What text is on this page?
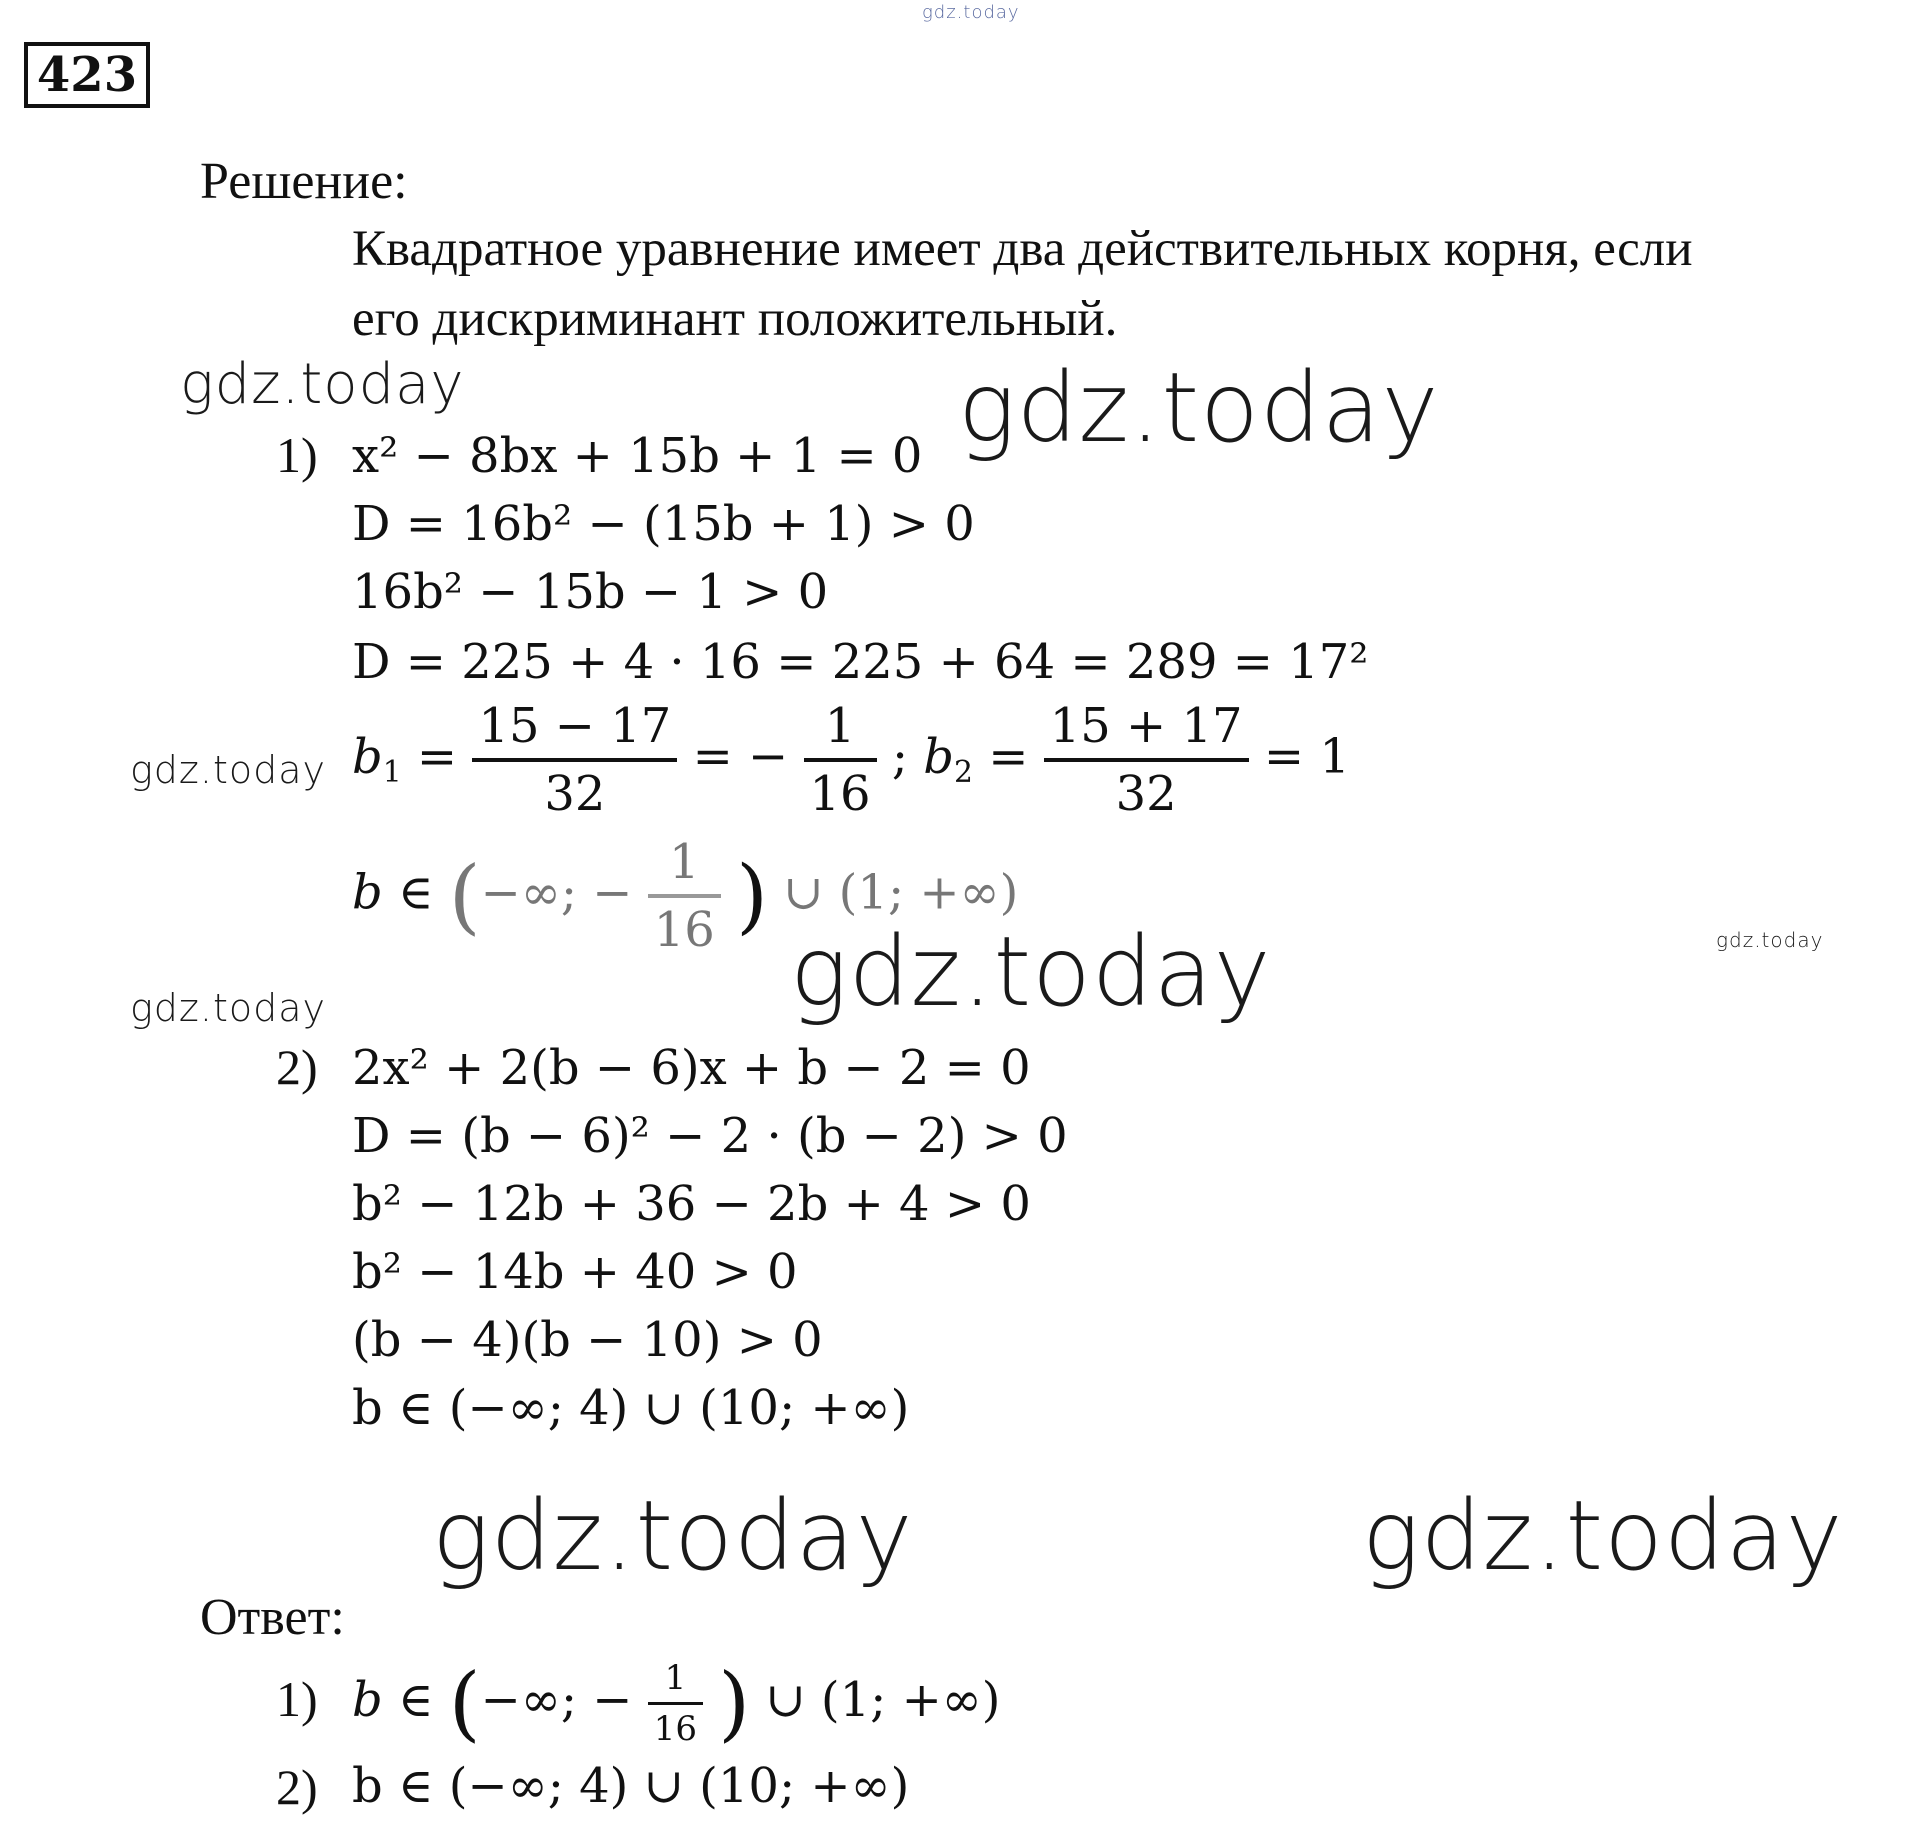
gdz.today
423
Решение:
Квадратное уравнение имеет два действительных корня, если
его дискриминант положительный.
gdz.today	gdz.today
gdz.today
gdz.today
gdz.today
gdz.today
gdz.today	gdz.today
1) x² − 8bx + 15b + 1 = 0
D = 16b² − (15b + 1) > 0
16b² − 15b − 1 > 0
D = 225 + 4 · 16 = 225 + 64 = 289 = 17²
$b_1 = \frac{15 - 17}{32}$ = − $\frac{1}{16}$ ; $b_2 = \frac{15 + 17}{32} = 1$
b ∈ (−∞; − $\frac{1}{16}$ ) ∪ (1; +∞)
2) 2x² + 2(b − 6)x + b − 2 = 0
D = (b − 6)² − 2 · (b − 2) > 0
b² − 12b + 36 − 2b + 4 > 0
b² − 14b + 40 > 0
(b − 4)(b − 10) > 0
b ∈ (−∞; 4) ∪ (10; +∞)
Ответ:
1) b ∈ (−∞; − $\frac{1}{16}$ ) ∪ (1; +∞)
2) b ∈ (−∞; 4) ∪ (10; +∞)
